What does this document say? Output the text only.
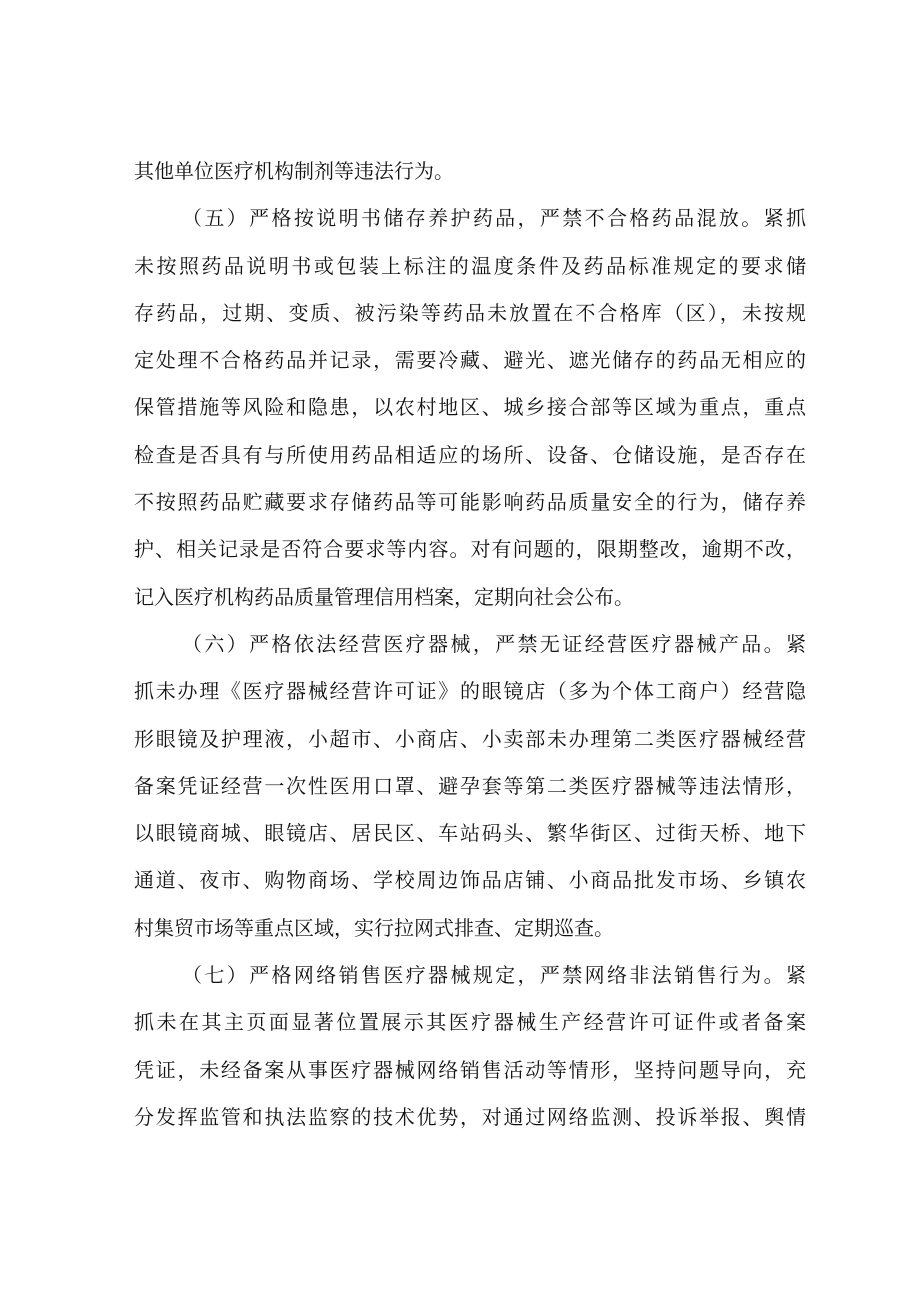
其他单位医疗机构制剂等违法行为。
（五）严格按说明书储存养护药品，严禁不合格药品混放。紧抓
未按照药品说明书或包装上标注的温度条件及药品标准规定的要求储
存药品，过期、变质、被污染等药品未放置在不合格库（区），未按规
定处理不合格药品并记录，需要冷藏、避光、遮光储存的药品无相应的
保管措施等风险和隐患，以农村地区、城乡接合部等区域为重点，重点
检查是否具有与所使用药品相适应的场所、设备、仓储设施，是否存在
不按照药品贮藏要求存储药品等可能影响药品质量安全的行为，储存养
护、相关记录是否符合要求等内容。对有问题的，限期整改，逾期不改，
记入医疗机构药品质量管理信用档案，定期向社会公布。
（六）严格依法经营医疗器械，严禁无证经营医疗器械产品。紧
抓未办理《医疗器械经营许可证》的眼镜店（多为个体工商户）经营隐
形眼镜及护理液，小超市、小商店、小卖部未办理第二类医疗器械经营
备案凭证经营一次性医用口罩、避孕套等第二类医疗器械等违法情形，
以眼镜商城、眼镜店、居民区、车站码头、繁华街区、过街天桥、地下
通道、夜市、购物商场、学校周边饰品店铺、小商品批发市场、乡镇农
村集贸市场等重点区域，实行拉网式排查、定期巡查。
（七）严格网络销售医疗器械规定，严禁网络非法销售行为。紧
抓未在其主页面显著位置展示其医疗器械生产经营许可证件或者备案
凭证，未经备案从事医疗器械网络销售活动等情形，坚持问题导向，充
分发挥监管和执法监察的技术优势，对通过网络监测、投诉举报、舆情
